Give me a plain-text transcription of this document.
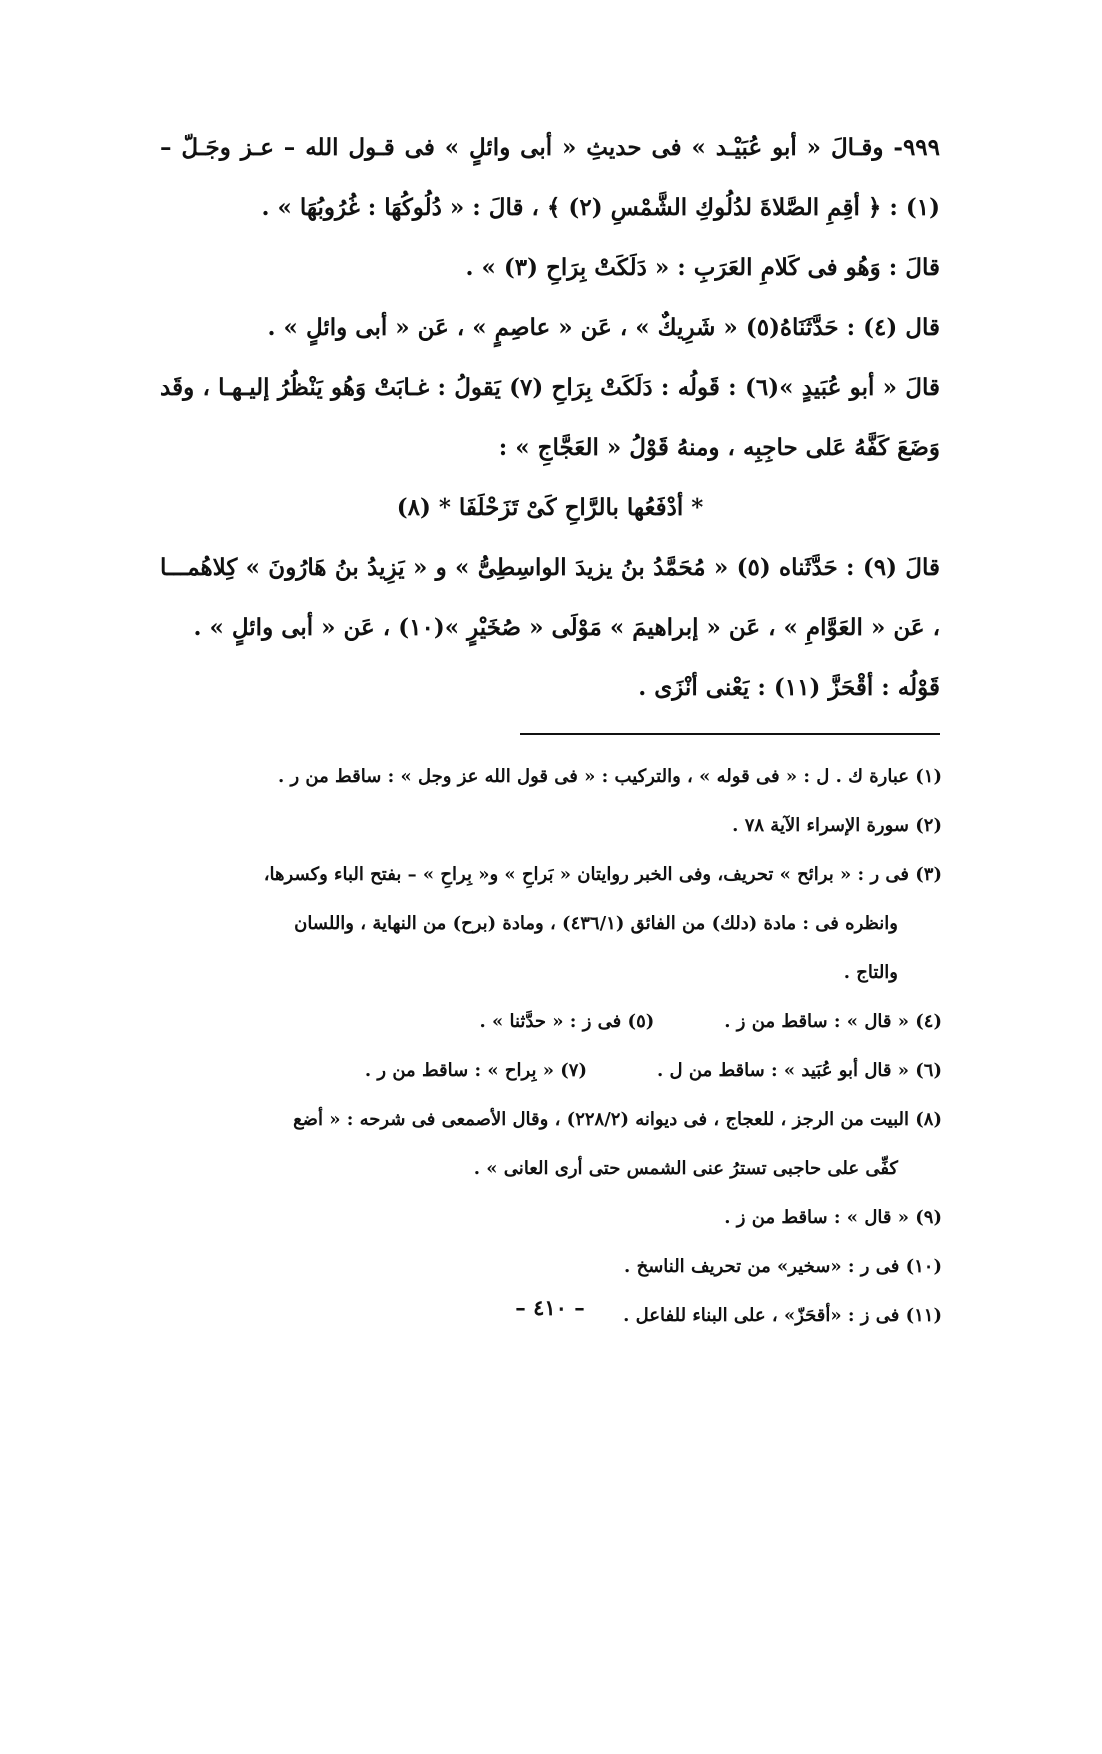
٩٩٩- وقـالَ « أبو عُبَيْـد » فى حديثِ « أبى وائلٍ » فى قـول الله – عـز وجَـلّ –(١) : ﴿ أقِمِ الصَّلاةَ لدُلُوكِ الشَّمْسِ (٢) ﴾ ، قالَ : « دُلُوكُهَا : غُرُوبُهَا » .

قالَ : وَهُو فى كَلامِ العَرَبِ : « دَلَكَتْ بِرَاحِ (٣) » .

قال (٤) : حَدَّثَنَاهُ(٥) « شَرِيكٌ » ، عَن « عاصِمٍ » ، عَن « أبى وائلٍ » .

قالَ « أبو عُبَيدٍ »(٦) : قَولُه : دَلَكَتْ بِرَاحِ (٧) يَقولُ : غـابَتْ وَهُو يَنْظُرُ إليـهـا ، وقَد وَضَعَ كَفَّهُ عَلى حاجِبِه ، ومنهُ قَوْلُ « العَجَّاجِ » :

* أدْفَعُها بالرَّاحِ كَىْ تَزَحْلَفَا * (٨)

قالَ (٩) : حَدَّثَناه (٥) « مُحَمَّدُ بنُ يزيدَ الواسِطِىُّ » و « يَزِيدُ بنُ هَارُونَ » كِلاهُمـــا ، عَن « العَوَّامِ » ، عَن « إبراهيمَ » مَوْلَى « صُخَيْرٍ »(١٠) ، عَن « أبى وائلٍ » .

قَوْلُه : أقْحَزَّ (١١) : يَعْنى أنْزَى .

(١) عبارة ك . ل : « فى قوله » ، والتركيب : « فى قول الله عز وجل » : ساقط من ر .

(٢) سورة الإسراء الآية ٧٨ .

(٣) فى ر : « برائح » تحريف، وفى الخبر روايتان « بَراحِ » و« بِراحِ » – بفتح الباء وكسرها،

وانظره فى : مادة (دلك) من الفائق (٤٣٦/١) ، ومادة (برح) من النهاية ، واللسان

والتاج .

(٤) « قال » : ساقط من ز .
(٥) فى ز : « حدَّثنا » .
(٦) « قال أبو عُبَيد » : ساقط من ل .
(٧) « بِراح » : ساقط من ر .

(٨) البيت من الرجز ، للعجاج ، فى ديوانه (٢٢٨/٢) ، وقال الأصمعى فى شرحه : « أضع

كفِّى على حاجبى تسترُ عنى الشمس حتى أرى العانى » .

(٩) « قال » : ساقط من ز .

(١٠) فى ر : «سخير» من تحريف الناسخ .

(١١) فى ز : «أقحَزّ» ، على البناء للفاعل .

– ٤١٠ –
